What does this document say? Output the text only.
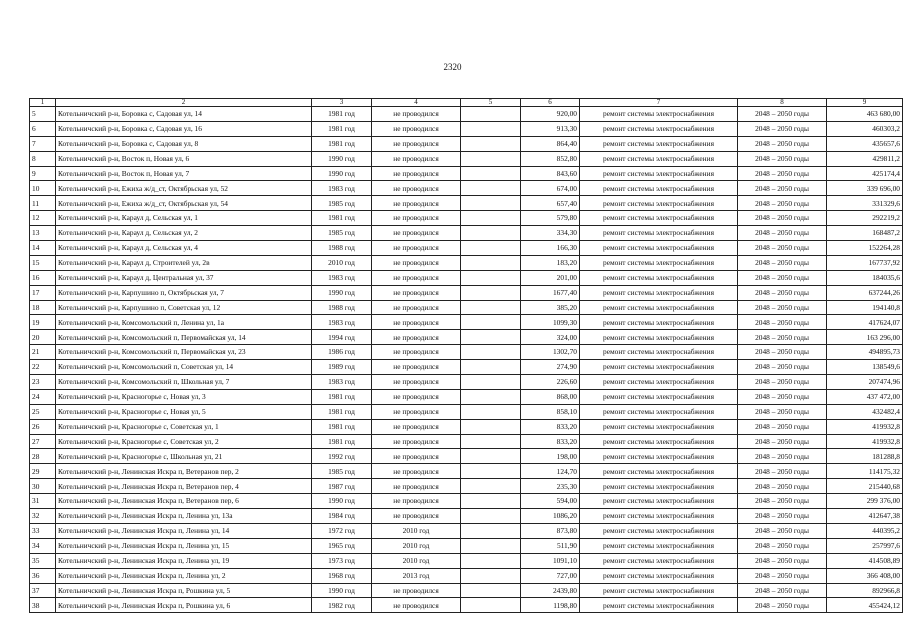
2320
1	2	3	4	5	6	7	8	9
5	Котельничский р-н, Боровка с, Садовая ул, 14	1981 год	не проводился		920,00	ремонт системы электроснабжения	2048 – 2050 годы	463 680,00
6	Котельничский р-н, Боровка с, Садовая ул, 16	1981 год	не проводился		913,30	ремонт системы электроснабжения	2048 – 2050 годы	460303,2
7	Котельничский р-н, Боровка с, Садовая ул, 8	1981 год	не проводился		864,40	ремонт системы электроснабжения	2048 – 2050 годы	435657,6
8	Котельничский р-н, Восток п, Новая ул, 6	1990 год	не проводился		852,80	ремонт системы электроснабжения	2048 – 2050 годы	429811,2
9	Котельничский р-н, Восток п, Новая ул, 7	1990 год	не проводился		843,60	ремонт системы электроснабжения	2048 – 2050 годы	425174,4
10	Котельничский р-н, Ежиха ж/д_ст, Октябрьская ул, 52	1983 год	не проводился		674,00	ремонт системы электроснабжения	2048 – 2050 годы	339 696,00
11	Котельничский р-н, Ежиха ж/д_ст, Октябрьская ул, 54	1985 год	не проводился		657,40	ремонт системы электроснабжения	2048 – 2050 годы	331329,6
12	Котельничский р-н, Караул д, Сельская ул, 1	1981 год	не проводился		579,80	ремонт системы электроснабжения	2048 – 2050 годы	292219,2
13	Котельничский р-н, Караул д, Сельская ул, 2	1985 год	не проводился		334,30	ремонт системы электроснабжения	2048 – 2050 годы	168487,2
14	Котельничский р-н, Караул д, Сельская ул, 4	1988 год	не проводился		166,30	ремонт системы электроснабжения	2048 – 2050 годы	152264,28
15	Котельничский р-н, Караул д, Строителей ул, 2в	2010 год	не проводился		183,20	ремонт системы электроснабжения	2048 – 2050 годы	167737,92
16	Котельничский р-н, Караул д, Центральная ул, 37	1983 год	не проводился		201,00	ремонт системы электроснабжения	2048 – 2050 годы	184035,6
17	Котельничский р-н, Карпушино п, Октябрьская ул, 7	1990 год	не проводился		1677,40	ремонт системы электроснабжения	2048 – 2050 годы	637244,26
18	Котельничский р-н, Карпушино п, Советская ул, 12	1988 год	не проводился		385,20	ремонт системы электроснабжения	2048 – 2050 годы	194140,8
19	Котельничский р-н, Комсомольский п, Ленина ул, 1а	1983 год	не проводился		1099,30	ремонт системы электроснабжения	2048 – 2050 годы	417624,07
20	Котельничский р-н, Комсомольский п, Первомайская ул, 14	1994 год	не проводился		324,00	ремонт системы электроснабжения	2048 – 2050 годы	163 296,00
21	Котельничский р-н, Комсомольский п, Первомайская ул, 23	1986 год	не проводился		1302,70	ремонт системы электроснабжения	2048 – 2050 годы	494895,73
22	Котельничский р-н, Комсомольский п, Советская ул, 14	1989 год	не проводился		274,90	ремонт системы электроснабжения	2048 – 2050 годы	138549,6
23	Котельничский р-н, Комсомольский п, Школьная ул, 7	1983 год	не проводился		226,60	ремонт системы электроснабжения	2048 – 2050 годы	207474,96
24	Котельничский р-н, Красногорье с, Новая ул, 3	1981 год	не проводился		868,00	ремонт системы электроснабжения	2048 – 2050 годы	437 472,00
25	Котельничский р-н, Красногорье с, Новая ул, 5	1981 год	не проводился		858,10	ремонт системы электроснабжения	2048 – 2050 годы	432482,4
26	Котельничский р-н, Красногорье с, Советская ул, 1	1981 год	не проводился		833,20	ремонт системы электроснабжения	2048 – 2050 годы	419932,8
27	Котельничский р-н, Красногорье с, Советская ул, 2	1981 год	не проводился		833,20	ремонт системы электроснабжения	2048 – 2050 годы	419932,8
28	Котельничский р-н, Красногорье с, Школьная ул, 21	1992 год	не проводился		198,00	ремонт системы электроснабжения	2048 – 2050 годы	181288,8
29	Котельничский р-н, Ленинская Искра п, Ветеранов пер, 2	1985 год	не проводился		124,70	ремонт системы электроснабжения	2048 – 2050 годы	114175,32
30	Котельничский р-н, Ленинская Искра п, Ветеранов пер, 4	1987 год	не проводился		235,30	ремонт системы электроснабжения	2048 – 2050 годы	215440,68
31	Котельничский р-н, Ленинская Искра п, Ветеранов пер, 6	1990 год	не проводился		594,00	ремонт системы электроснабжения	2048 – 2050 годы	299 376,00
32	Котельничский р-н, Ленинская Искра п, Ленина ул, 13а	1984 год	не проводился		1086,20	ремонт системы электроснабжения	2048 – 2050 годы	412647,38
33	Котельничский р-н, Ленинская Искра п, Ленина ул, 14	1972 год	2010 год		873,80	ремонт системы электроснабжения	2048 – 2050 годы	440395,2
34	Котельничский р-н, Ленинская Искра п, Ленина ул, 15	1965 год	2010 год		511,90	ремонт системы электроснабжения	2048 – 2050 годы	257997,6
35	Котельничский р-н, Ленинская Искра п, Ленина ул, 19	1973 год	2010 год		1091,10	ремонт системы электроснабжения	2048 – 2050 годы	414508,89
36	Котельничский р-н, Ленинская Искра п, Ленина ул, 2	1968 год	2013 год		727,00	ремонт системы электроснабжения	2048 – 2050 годы	366 408,00
37	Котельничский р-н, Ленинская Искра п, Рошкина ул, 5	1990 год	не проводился		2439,80	ремонт системы электроснабжения	2048 – 2050 годы	892966,8
38	Котельничский р-н, Ленинская Искра п, Рошкина ул, 6	1982 год	не проводился		1198,80	ремонт системы электроснабжения	2048 – 2050 годы	455424,12
